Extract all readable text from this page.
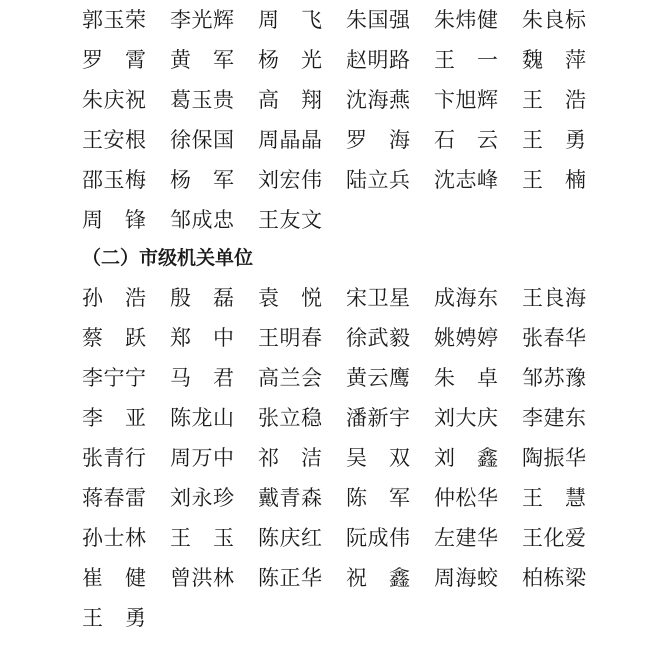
郭 玉 荣 李 光 辉 周 飞 朱 国 强 朱 炜 健 朱 良 标
罗 霄 黄 军 杨 光 赵 明 路 王 一 魏 萍
朱 庆 祝 葛 玉 贵 高 翔 沈 海 燕 卞 旭 辉 王 浩
王 安 根 徐 保 国 周 晶 晶 罗 海 石 云 王 勇
邵 玉 梅 杨 军 刘 宏 伟 陆 立 兵 沈 志 峰 王 楠
周 锋 邹 成 忠 王 友 文
（二）市级机关单位
孙 浩 殷 磊 袁 悦 宋 卫 星 成 海 东 王 良 海
蔡 跃 郑 中 王 明 春 徐 武 毅 姚 娉 婷 张 春 华
李 宁 宁 马 君 高 兰 会 黄 云 鹰 朱 卓 邹 苏 豫
李 亚 陈 龙 山 张 立 稳 潘 新 宇 刘 大 庆 李 建 东
张 青 行 周 万 中 祁 洁 吴 双 刘 鑫 陶 振 华
蒋 春 雷 刘 永 珍 戴 青 森 陈 军 仲 松 华 王 慧
孙 士 林 王 玉 陈 庆 红 阮 成 伟 左 建 华 王 化 爱
崔 健 曾 洪 林 陈 正 华 祝 鑫 周 海 蛟 柏 栋 梁
王 勇
